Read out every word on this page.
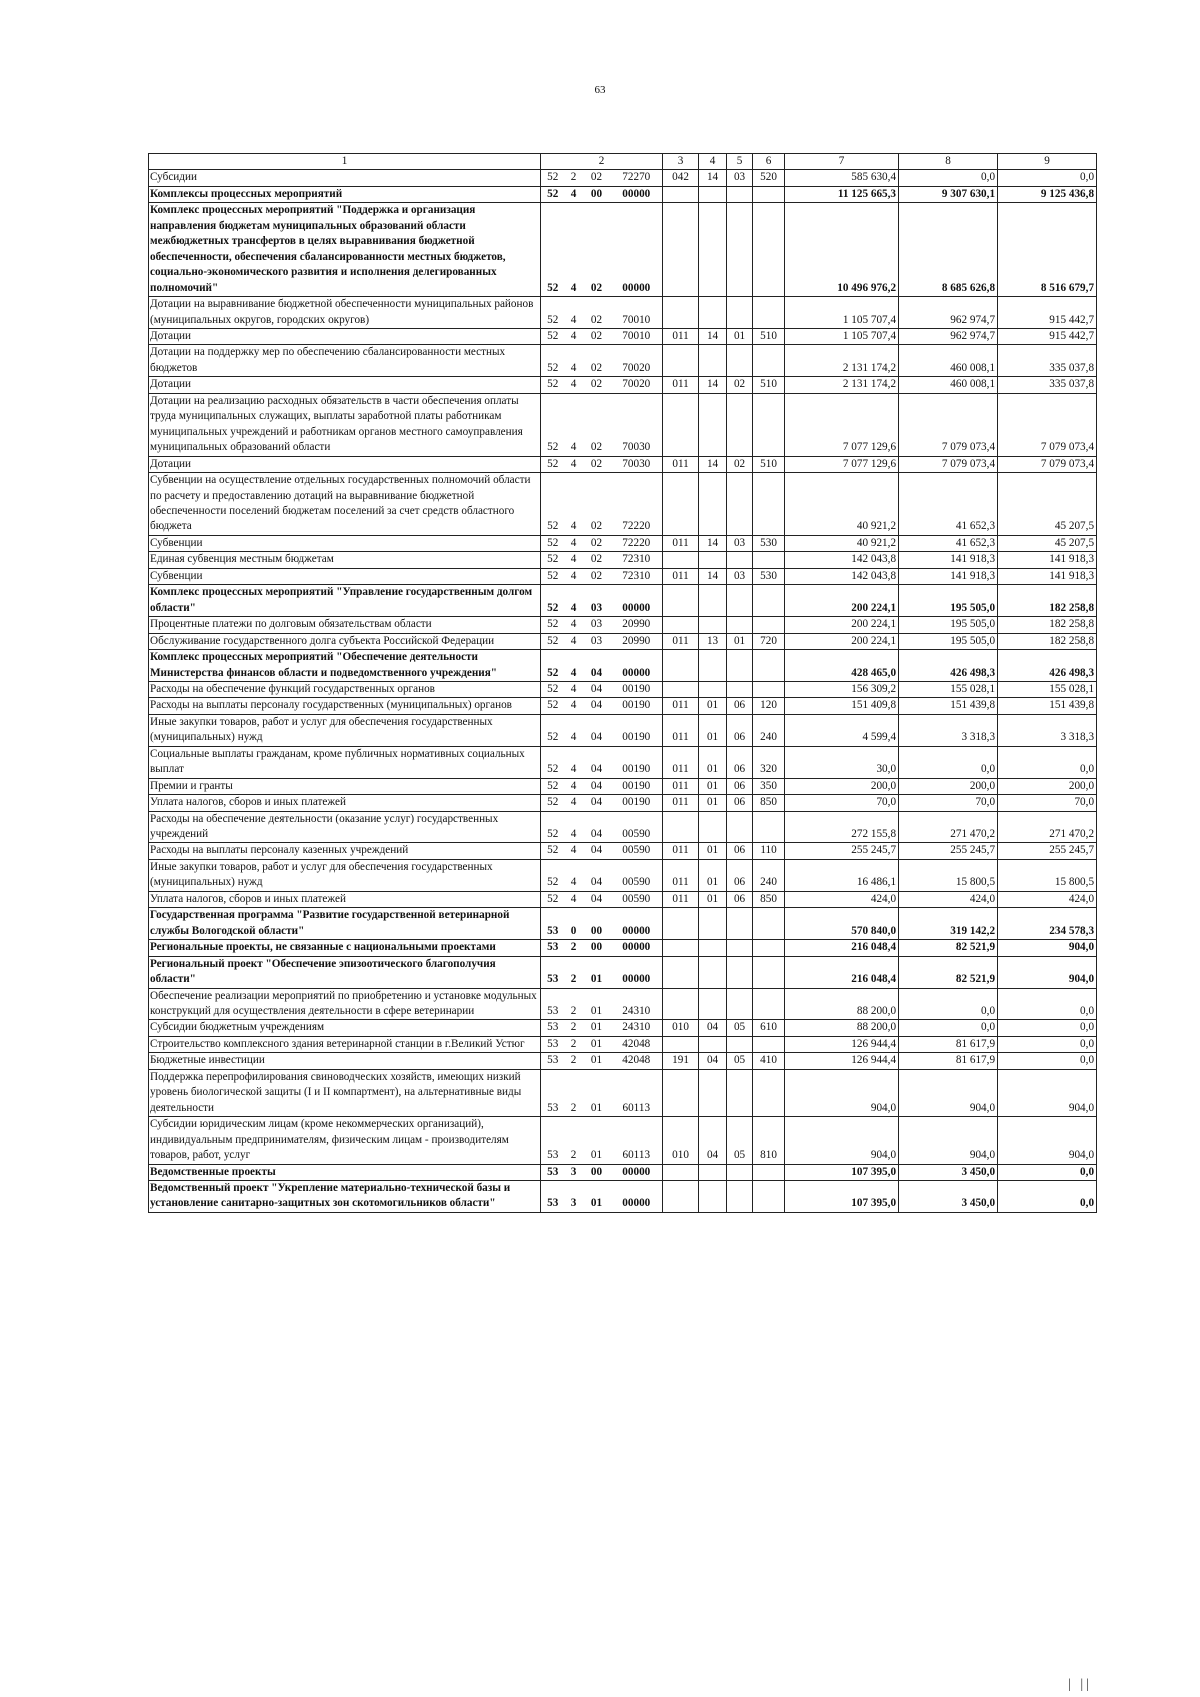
63
1	2				3	4	5	6	7	8	9
Субсидии	52	2	02	72270	042	14	03	520	585 630,4	0,0	0,0
Комплексы процессных мероприятий	52	4	00	00000					11 125 665,3	9 307 630,1	9 125 436,8
Комплекс процессных мероприятий "Поддержка и организация направления бюджетам муниципальных образований области межбюджетных трансфертов в целях выравнивания бюджетной обеспеченности, обеспечения сбалансированности местных бюджетов, социально-экономического развития и исполнения делегированных полномочий"	52	4	02	00000					10 496 976,2	8 685 626,8	8 516 679,7
Дотации на выравнивание бюджетной обеспеченности муниципальных районов (муниципальных округов, городских округов)	52	4	02	70010					1 105 707,4	962 974,7	915 442,7
Дотации	52	4	02	70010	011	14	01	510	1 105 707,4	962 974,7	915 442,7
Дотации на поддержку мер по обеспечению сбалансированности местных бюджетов	52	4	02	70020					2 131 174,2	460 008,1	335 037,8
Дотации	52	4	02	70020	011	14	02	510	2 131 174,2	460 008,1	335 037,8
Дотации на реализацию расходных обязательств в части обеспечения оплаты труда муниципальных служащих, выплаты заработной платы работникам муниципальных учреждений и работникам органов местного самоуправления муниципальных образований области	52	4	02	70030					7 077 129,6	7 079 073,4	7 079 073,4
Дотации	52	4	02	70030	011	14	02	510	7 077 129,6	7 079 073,4	7 079 073,4
Субвенции на осуществление отдельных государственных полномочий области по расчету и предоставлению дотаций на выравнивание бюджетной обеспеченности поселений бюджетам поселений за счет средств областного бюджета	52	4	02	72220					40 921,2	41 652,3	45 207,5
Субвенции	52	4	02	72220	011	14	03	530	40 921,2	41 652,3	45 207,5
Единая субвенция местным бюджетам	52	4	02	72310					142 043,8	141 918,3	141 918,3
Субвенции	52	4	02	72310	011	14	03	530	142 043,8	141 918,3	141 918,3
Комплекс процессных мероприятий "Управление государственным долгом области"	52	4	03	00000					200 224,1	195 505,0	182 258,8
Процентные платежи по долговым обязательствам области	52	4	03	20990					200 224,1	195 505,0	182 258,8
Обслуживание государственного долга субъекта Российской Федерации	52	4	03	20990	011	13	01	720	200 224,1	195 505,0	182 258,8
Комплекс процессных мероприятий "Обеспечение деятельности Министерства финансов области и подведомственного учреждения"	52	4	04	00000					428 465,0	426 498,3	426 498,3
Расходы на обеспечение функций государственных органов	52	4	04	00190					156 309,2	155 028,1	155 028,1
Расходы на выплаты персоналу государственных (муниципальных) органов	52	4	04	00190	011	01	06	120	151 409,8	151 439,8	151 439,8
Иные закупки товаров, работ и услуг для обеспечения государственных (муниципальных) нужд	52	4	04	00190	011	01	06	240	4 599,4	3 318,3	3 318,3
Социальные выплаты гражданам, кроме публичных нормативных социальных выплат	52	4	04	00190	011	01	06	320	30,0	0,0	0,0
Премии и гранты	52	4	04	00190	011	01	06	350	200,0	200,0	200,0
Уплата налогов, сборов и иных платежей	52	4	04	00190	011	01	06	850	70,0	70,0	70,0
Расходы на обеспечение деятельности (оказание услуг) государственных учреждений	52	4	04	00590					272 155,8	271 470,2	271 470,2
Расходы на выплаты персоналу казенных учреждений	52	4	04	00590	011	01	06	110	255 245,7	255 245,7	255 245,7
Иные закупки товаров, работ и услуг для обеспечения государственных (муниципальных) нужд	52	4	04	00590	011	01	06	240	16 486,1	15 800,5	15 800,5
Уплата налогов, сборов и иных платежей	52	4	04	00590	011	01	06	850	424,0	424,0	424,0
Государственная программа "Развитие государственной ветеринарной службы Вологодской области"	53	0	00	00000					570 840,0	319 142,2	234 578,3
Региональные проекты, не связанные с национальными проектами	53	2	00	00000					216 048,4	82 521,9	904,0
Региональный проект "Обеспечение эпизоотического благополучия области"	53	2	01	00000					216 048,4	82 521,9	904,0
Обеспечение реализации мероприятий по приобретению и установке модульных конструкций для осуществления деятельности в сфере ветеринарии	53	2	01	24310					88 200,0	0,0	0,0
Субсидии бюджетным учреждениям	53	2	01	24310	010	04	05	610	88 200,0	0,0	0,0
Строительство комплексного здания ветеринарной станции в г.Великий Устюг	53	2	01	42048					126 944,4	81 617,9	0,0
Бюджетные инвестиции	53	2	01	42048	191	04	05	410	126 944,4	81 617,9	0,0
Поддержка перепрофилирования свиноводческих хозяйств, имеющих низкий уровень биологической защиты (I и II компартмент), на альтернативные виды деятельности	53	2	01	60113					904,0	904,0	904,0
Субсидии юридическим лицам (кроме некоммерческих организаций), индивидуальным предпринимателям, физическим лицам - производителям товаров, работ, услуг	53	2	01	60113	010	04	05	810	904,0	904,0	904,0
Ведомственные проекты	53	3	00	00000					107 395,0	3 450,0	0,0
Ведомственный проект "Укрепление материально-технической базы и установление санитарно-защитных зон скотомогильников области"	53	3	01	00000					107 395,0	3 450,0	0,0
| ||
